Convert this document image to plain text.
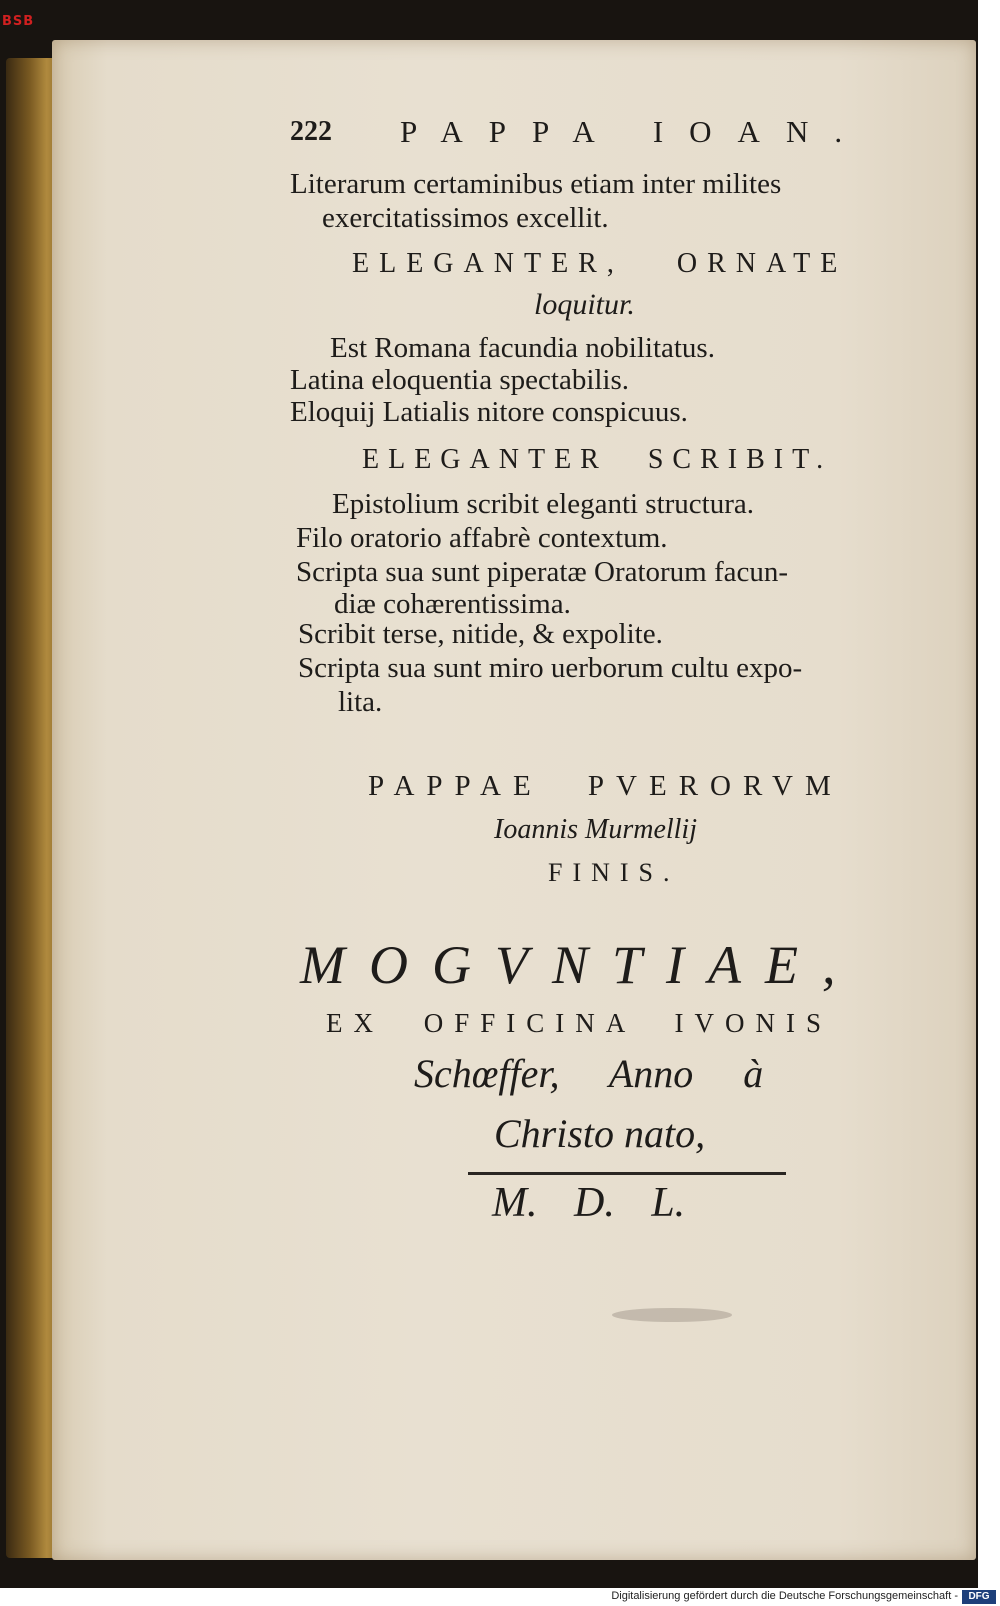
BSB
222 PAPPA IOAN.
Literarum certaminibus etiam inter milites
exercitatissimos excellit.
ELEGANTER, ORNATE
loquitur.
Est Romana facundia nobilitatus.
Latina eloquentia spectabilis.
Eloquij Latialis nitore conspicuus.
ELEGANTER SCRIBIT.
Epistolium scribit eleganti structura.
Filo oratorio affabrè contextum.
Scripta sua sunt piperatæ Oratorum facun-
diæ cohærentissima.
Scribit terse, nitide, & expolite.
Scripta sua sunt miro uerborum cultu expo-
lita.
PAPPAE PVERORVM
Ioannis Murmellij
FINIS.
MOGVNTIAE,
EX OFFICINA IVONIS
Schœffer, Anno à
Christo nato,
M. D. L.
Digitalisierung gefördert durch die Deutsche Forschungsgemeinschaft -	DFG
